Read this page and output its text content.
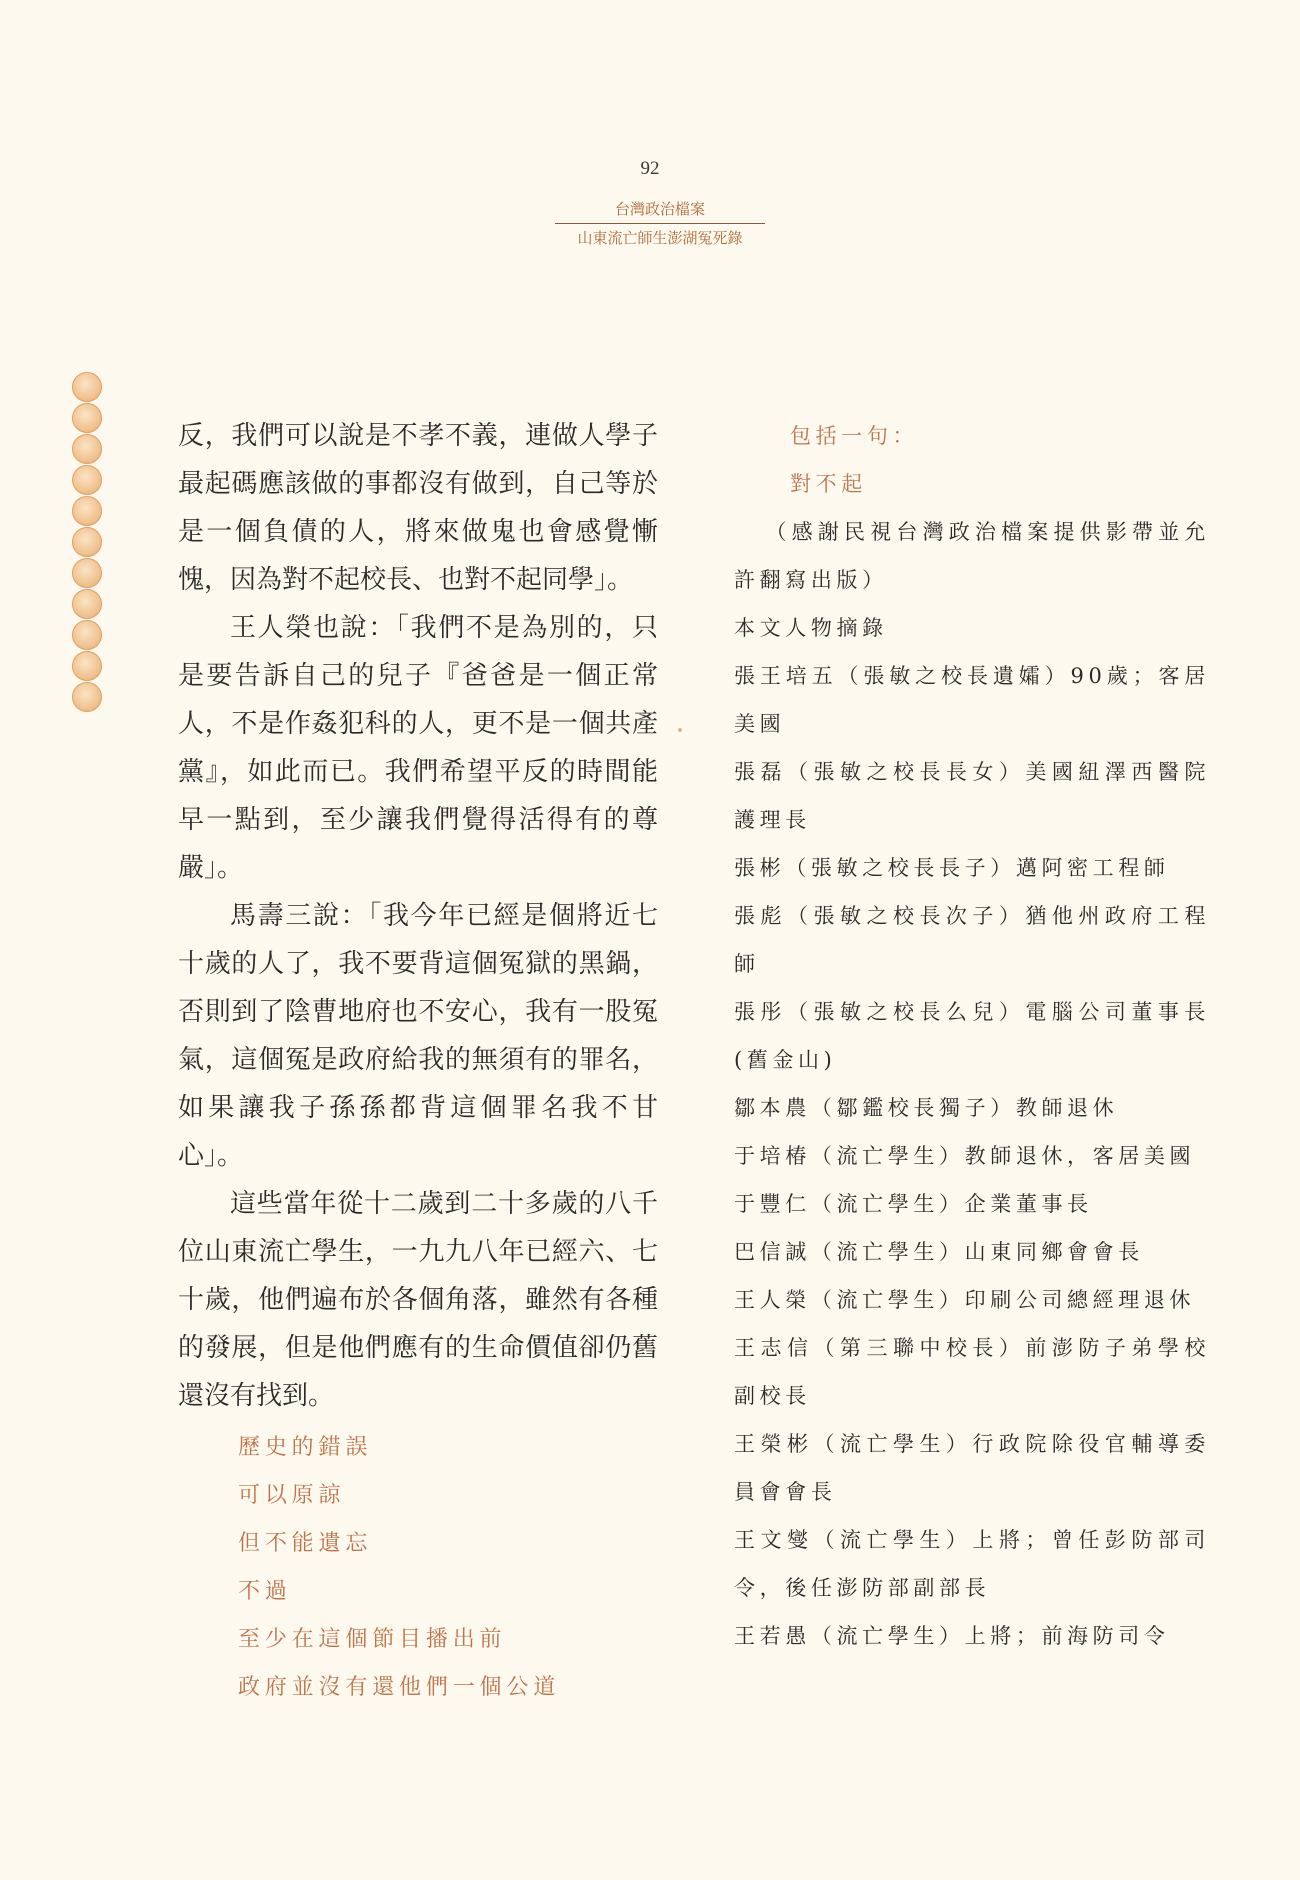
92
台灣政治檔案
山東流亡師生澎湖冤死錄

反，我們可以說是不孝不義，連做人學子最起碼應該做的事都沒有做到，自己等於是一個負債的人，將來做鬼也會感覺慚愧，因為對不起校長、也對不起同學」。

王人榮也說：「我們不是為別的，只是要告訴自己的兒子『爸爸是一個正常人，不是作姦犯科的人，更不是一個共產黨』，如此而已。我們希望平反的時間能早一點到，至少讓我們覺得活得有的尊嚴」。

馬壽三說：「我今年已經是個將近七十歲的人了，我不要背這個冤獄的黑鍋，否則到了陰曹地府也不安心，我有一股冤氣，這個冤是政府給我的無須有的罪名，如果讓我子孫孫都背這個罪名我不甘心」。

這些當年從十二歲到二十多歲的八千位山東流亡學生，一九九八年已經六、七十歲，他們遍布於各個角落，雖然有各種的發展，但是他們應有的生命價值卻仍舊還沒有找到。

歷史的錯誤
可以原諒
但不能遺忘
不過
至少在這個節目播出前
政府並沒有還他們一個公道
包括一句：
對不起
（感謝民視台灣政治檔案提供影帶並允許翻寫出版）
本文人物摘錄
張王培五（張敏之校長遺孀）90歲；客居美國
張磊（張敏之校長長女）美國紐澤西醫院護理長
張彬（張敏之校長長子）邁阿密工程師
張彪（張敏之校長次子）猶他州政府工程師
張彤（張敏之校長么兒）電腦公司董事長(舊金山)
鄒本農（鄒鑑校長獨子）教師退休
于培椿（流亡學生）教師退休，客居美國
于豐仁（流亡學生）企業董事長
巴信誠（流亡學生）山東同鄉會會長
王人榮（流亡學生）印刷公司總經理退休
王志信（第三聯中校長）前澎防子弟學校副校長
王榮彬（流亡學生）行政院除役官輔導委員會會長
王文燮（流亡學生）上將；曾任彭防部司令，後任澎防部副部長
王若愚（流亡學生）上將；前海防司令
